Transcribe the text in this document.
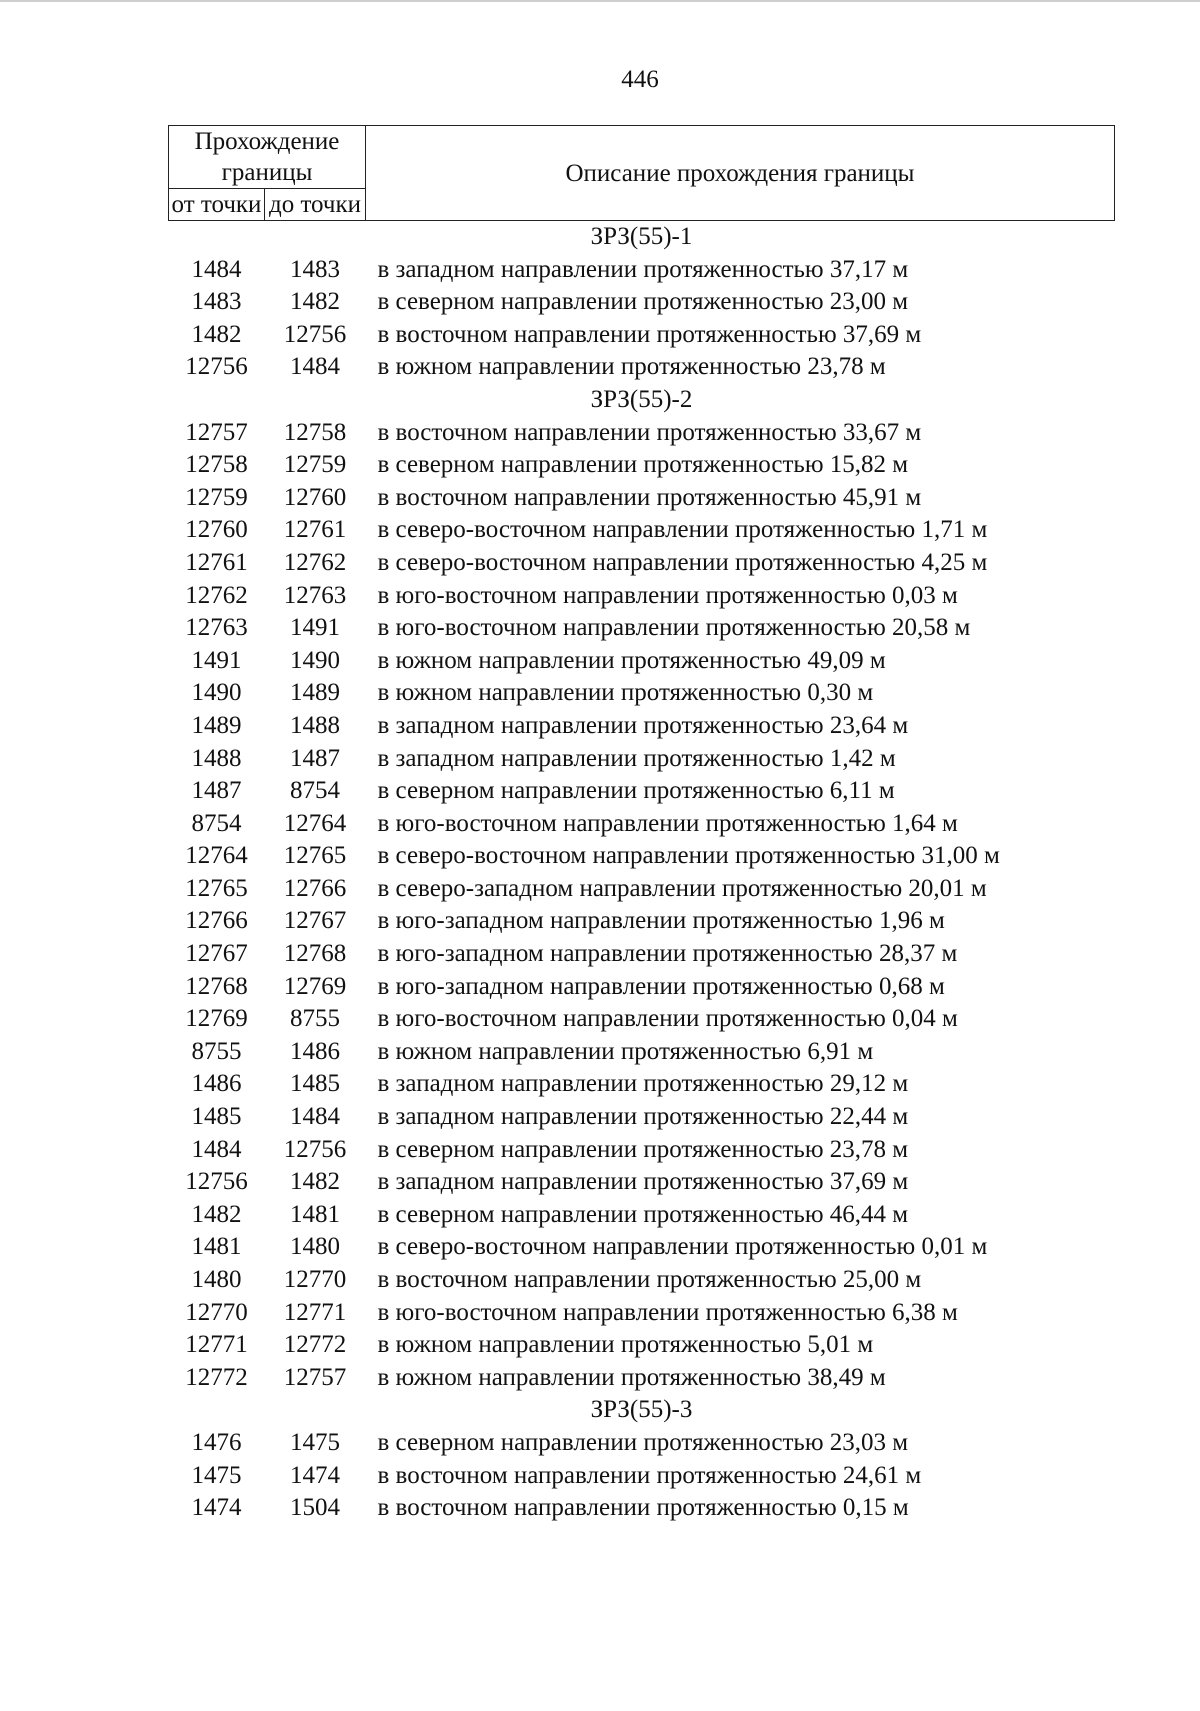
446
Прохождение границы		Описание прохождения границы
от точки	до точки	
ЗРЗ(55)-1		
1484	1483	в западном направлении протяженностью 37,17 м
1483	1482	в северном направлении протяженностью 23,00 м
1482	12756	в восточном направлении протяженностью 37,69 м
12756	1484	в южном направлении протяженностью 23,78 м
ЗРЗ(55)-2		
12757	12758	в восточном направлении протяженностью 33,67 м
12758	12759	в северном направлении протяженностью 15,82 м
12759	12760	в восточном направлении протяженностью 45,91 м
12760	12761	в северо-восточном направлении протяженностью 1,71 м
12761	12762	в северо-восточном направлении протяженностью 4,25 м
12762	12763	в юго-восточном направлении протяженностью 0,03 м
12763	1491	в юго-восточном направлении протяженностью 20,58 м
1491	1490	в южном направлении протяженностью 49,09 м
1490	1489	в южном направлении протяженностью 0,30 м
1489	1488	в западном направлении протяженностью 23,64 м
1488	1487	в западном направлении протяженностью 1,42 м
1487	8754	в северном направлении протяженностью 6,11 м
8754	12764	в юго-восточном направлении протяженностью 1,64 м
12764	12765	в северо-восточном направлении протяженностью 31,00 м
12765	12766	в северо-западном направлении протяженностью 20,01 м
12766	12767	в юго-западном направлении протяженностью 1,96 м
12767	12768	в юго-западном направлении протяженностью 28,37 м
12768	12769	в юго-западном направлении протяженностью 0,68 м
12769	8755	в юго-восточном направлении протяженностью 0,04 м
8755	1486	в южном направлении протяженностью 6,91 м
1486	1485	в западном направлении протяженностью 29,12 м
1485	1484	в западном направлении протяженностью 22,44 м
1484	12756	в северном направлении протяженностью 23,78 м
12756	1482	в западном направлении протяженностью 37,69 м
1482	1481	в северном направлении протяженностью 46,44 м
1481	1480	в северо-восточном направлении протяженностью 0,01 м
1480	12770	в восточном направлении протяженностью 25,00 м
12770	12771	в юго-восточном направлении протяженностью 6,38 м
12771	12772	в южном направлении протяженностью 5,01 м
12772	12757	в южном направлении протяженностью 38,49 м
ЗРЗ(55)-3		
1476	1475	в северном направлении протяженностью 23,03 м
1475	1474	в восточном направлении протяженностью 24,61 м
1474	1504	в восточном направлении протяженностью 0,15 м
